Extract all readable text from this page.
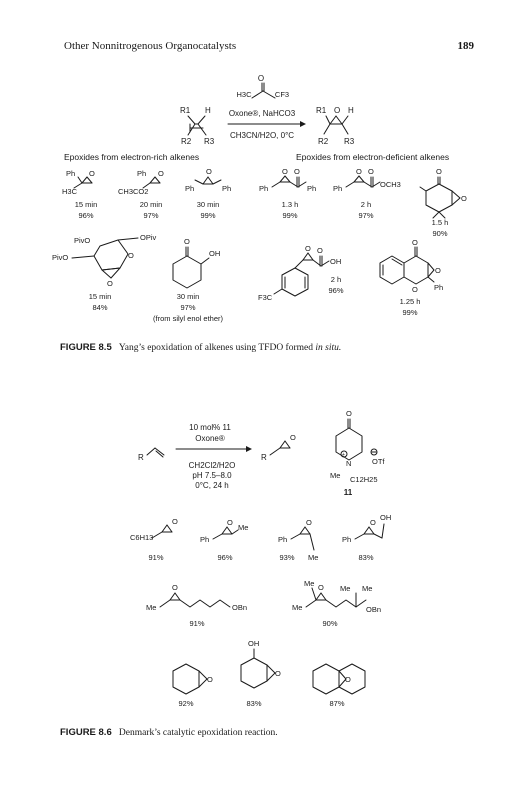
Other Nonnitrogenous Organocatalysts	189
O
H3C	CF3
R1 H
R2 R3
Oxone®, NaHCO3
CH3CN/H2O, 0°C
R1 O H
R2 R3
Epoxides from electron-rich alkenes	Epoxides from electron-deficient alkenes
Ph O
H3C
15 min
96%
Ph O
CH3CO2
20 min
97%
O
Ph	Ph
30 min
99%
Ph
O O
Ph
1.3 h
99%
Ph
O O
OCH3
2 h
97%
O
O
1.5 h
90%
PivO	OPiv
O
PivO
O
15 min
84%
O
OH
30 min
97%
(from silyl enol ether)
F3C
O O
OH
2 h
96%
O
O
O Ph
1.25 h
99%
FIGURE 8.5 Yang’s epoxidation of alkenes using TFDO formed in situ.
R
10 mol% 11
Oxone®
CH2Cl2/H2O
pH 7.5–8.0
0°C, 24 h
R
O
O
+
N
Me C12H25
OTf
11
C6H13
O
91%
Ph
O
Me
96%
Ph
O
Me
93%
Ph
O
OH
83%
Me
O
OBn
91%
Me
O
Me
Me Me
OBn
90%
O
92%
OH
O
83%
O
87%
FIGURE 8.6 Denmark’s catalytic epoxidation reaction.
